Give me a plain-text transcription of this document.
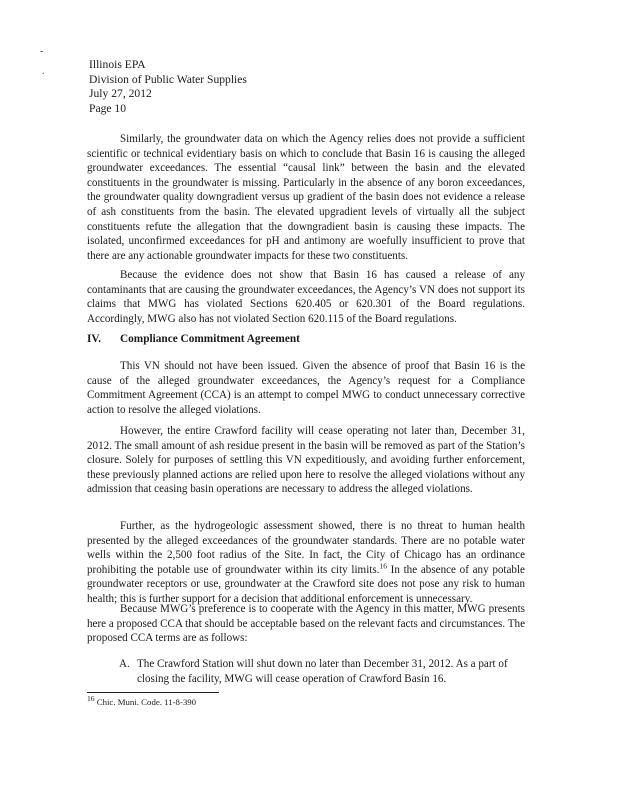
-
.
Illinois EPA
Division of Public Water Supplies
July 27, 2012
Page 10

Similarly, the groundwater data on which the Agency relies does not provide a sufficient scientific or technical evidentiary basis on which to conclude that Basin 16 is causing the alleged groundwater exceedances. The essential “causal link” between the basin and the elevated constituents in the groundwater is missing. Particularly in the absence of any boron exceedances, the groundwater quality downgradient versus up gradient of the basin does not evidence a release of ash constituents from the basin. The elevated upgradient levels of virtually all the subject constituents refute the allegation that the downgradient basin is causing these impacts. The isolated, unconfirmed exceedances for pH and antimony are woefully insufficient to prove that there are any actionable groundwater impacts for these two constituents.

Because the evidence does not show that Basin 16 has caused a release of any contaminants that are causing the groundwater exceedances, the Agency’s VN does not support its claims that MWG has violated Sections 620.405 or 620.301 of the Board regulations. Accordingly, MWG also has not violated Section 620.115 of the Board regulations.

IV. Compliance Commitment Agreement

This VN should not have been issued. Given the absence of proof that Basin 16 is the cause of the alleged groundwater exceedances, the Agency’s request for a Compliance Commitment Agreement (CCA) is an attempt to compel MWG to conduct unnecessary corrective action to resolve the alleged violations.

However, the entire Crawford facility will cease operating not later than, December 31, 2012. The small amount of ash residue present in the basin will be removed as part of the Station’s closure. Solely for purposes of settling this VN expeditiously, and avoiding further enforcement, these previously planned actions are relied upon here to resolve the alleged violations without any admission that ceasing basin operations are necessary to address the alleged violations.

Further, as the hydrogeologic assessment showed, there is no threat to human health presented by the alleged exceedances of the groundwater standards. There are no potable water wells within the 2,500 foot radius of the Site. In fact, the City of Chicago has an ordinance prohibiting the potable use of groundwater within its city limits.$^{16}$ In the absence of any potable groundwater receptors or use, groundwater at the Crawford site does not pose any risk to human health; this is further support for a decision that additional enforcement is unnecessary.

Because MWG’s preference is to cooperate with the Agency in this matter, MWG presents here a proposed CCA that should be acceptable based on the relevant facts and circumstances. The proposed CCA terms are as follows:

A. The Crawford Station will shut down no later than December 31, 2012. As a part of closing the facility, MWG will cease operation of Crawford Basin 16.
$^{16}$ Chic. Muni. Code. 11-8-390
